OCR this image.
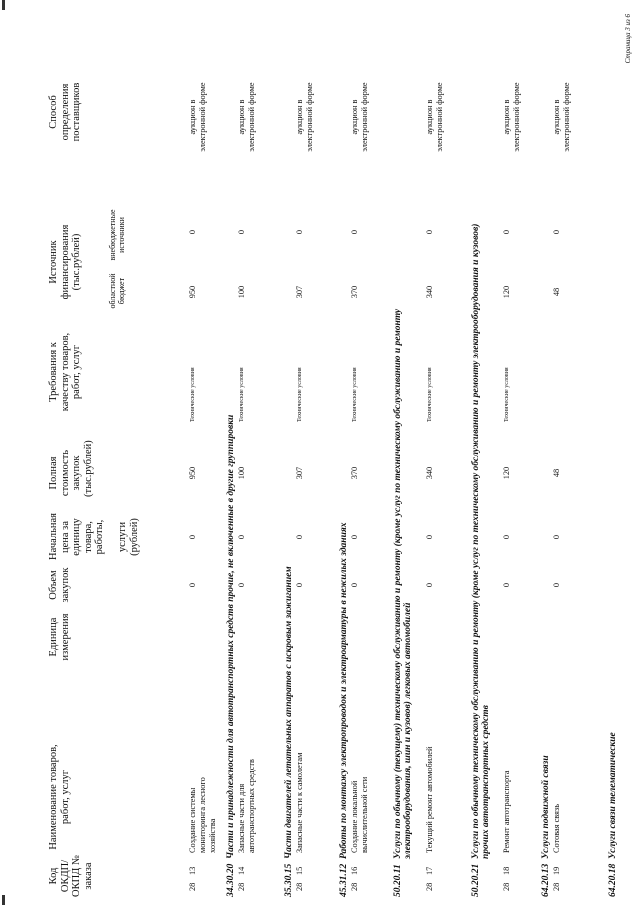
Код ОКДП/ ОКПД № заказа
Наименование товаров, работ, услуг
Единица измерения
Объем закупок
Начальная цена за единицу товара, работы, услуги (рублей)
Полная стоимость закупок (тыс.рублей)
Требования к качеству товаров, работ, услуг
Источник финансирования (тыс.рублей)
областной бюджет
внебюджетные источники
Способ определения поставщиков
28
13
Создание системы мониторинга лесного хозяйства
0
0
950
Технические условия
950
0
аукцион в электронной форме
34.30.20
Части и принадлежности для автотранспортных средств прочие, не включенные в другие группировки
28
14
Запасные части для автотранспортных средств
0
0
100
Технические условия
100
0
аукцион в электронной форме
35.30.15
Части двигателей летательных аппаратов с искровым зажиганием
28
15
Запасные части к самолетам
0
0
307
Технические условия
307
0
аукцион в электронной форме
45.31.12
Работы по монтажу электропроводок и электроарматуры в нежилых зданиях
28
16
Создание локальной вычислительной сети
0
0
370
Технические условия
370
0
аукцион в электронной форме
50.20.11
Услуги по обычному (текущему) техническому обслуживанию и ремонту (кроме услуг по техническому обслуживанию и ремонту электрооборудования, шин и кузовов) легковых автомобилей
28
17
Текущий ремонт автомобилей
0
0
340
Технические условия
340
0
аукцион в электронной форме
50.20.21
Услуги по обычному техническому обслуживанию и ремонту (кроме услуг по техническому обслуживанию и ремонту электрооборудования и кузовов) прочих автотранспортных средств
28
18
Ремонт автотранспорта
0
0
120
Технические условия
120
0
аукцион в электронной форме
64.20.13
Услуги подвижной связи
28
19
Сотовая связь
0
0
48
48
0
аукцион в электронной форме
64.20.18
Услуги связи телематические
Страница 3 из 6
